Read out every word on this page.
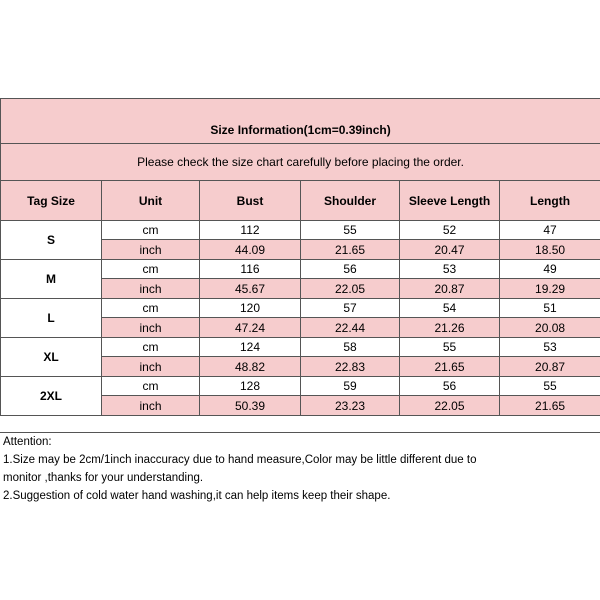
Size Information(1cm=0.39inch)					
Please check the size chart carefully before placing the order.					
Tag Size	Unit	Bust	Shoulder	Sleeve Length	Length
S	cm	112	55	52	47
	inch	44.09	21.65	20.47	18.50
M	cm	116	56	53	49
	inch	45.67	22.05	20.87	19.29
L	cm	120	57	54	51
	inch	47.24	22.44	21.26	20.08
XL	cm	124	58	55	53
	inch	48.82	22.83	21.65	20.87
2XL	cm	128	59	56	55
	inch	50.39	23.23	22.05	21.65
Attention:
1.Size may be 2cm/1inch inaccuracy due to hand measure,Color may be little different due to
monitor ,thanks for your understanding.
2.Suggestion of cold water hand washing,it can help items keep their shape.
